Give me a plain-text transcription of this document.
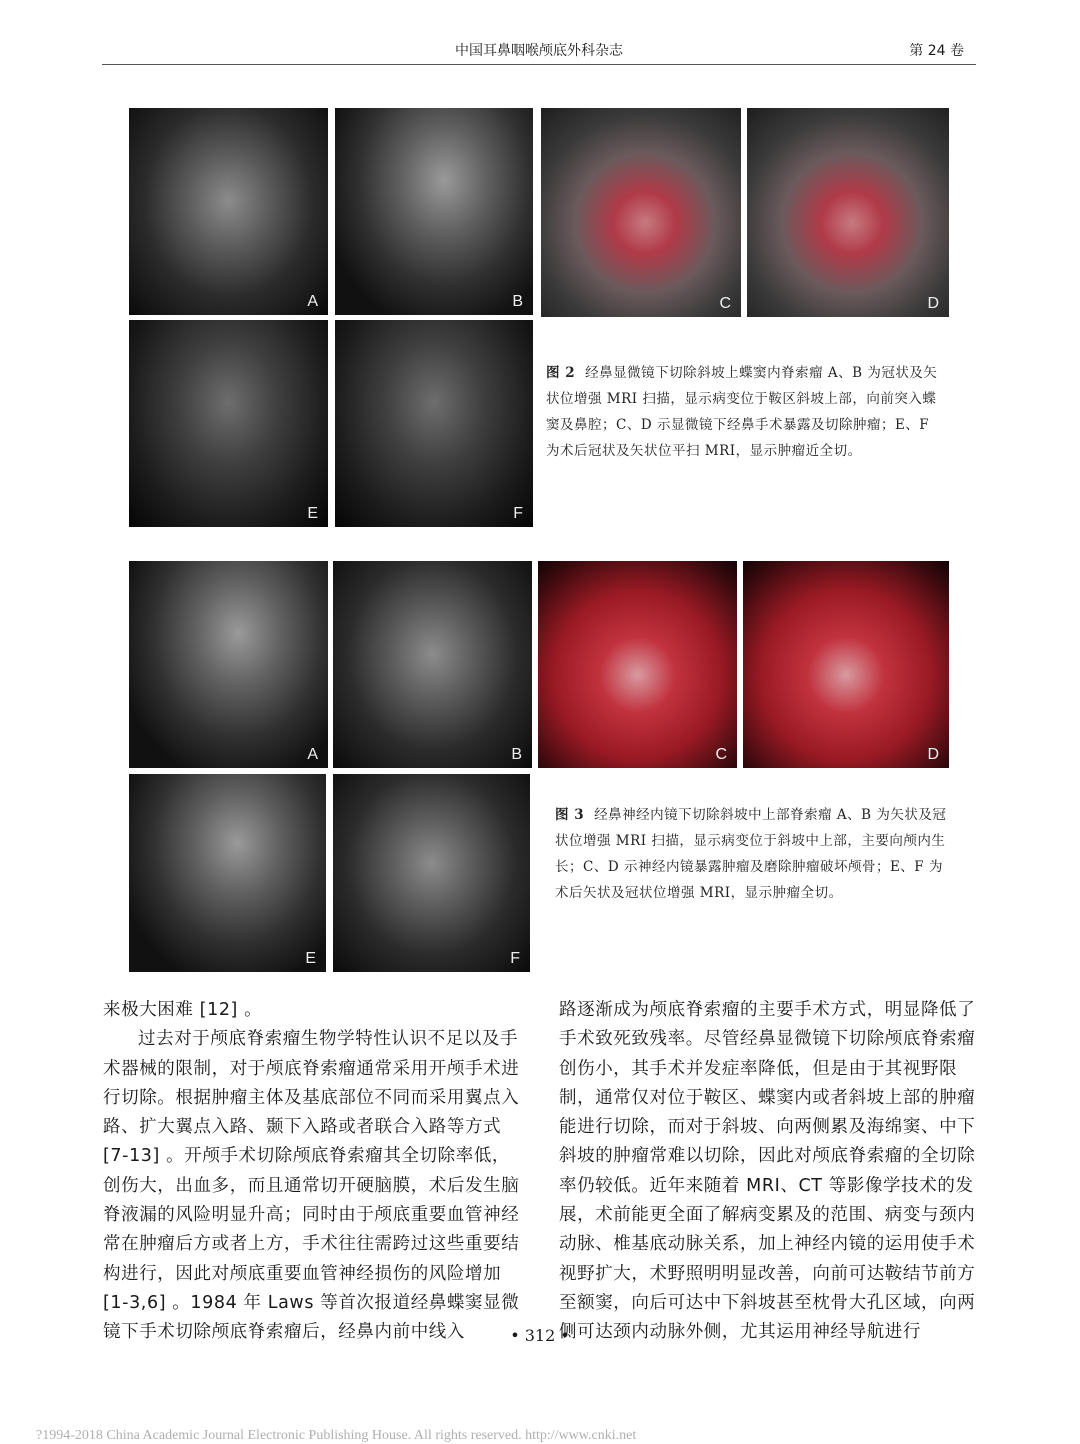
中国耳鼻咽喉颅底外科杂志	第 24 卷
A	B	C	D
E	F
图 2 经鼻显微镜下切除斜坡上蝶窦内脊索瘤 A、B 为冠状及矢状位增强 MRI 扫描，显示病变位于鞍区斜坡上部，向前突入蝶窦及鼻腔；C、D 示显微镜下经鼻手术暴露及切除肿瘤；E、F 为术后冠状及矢状位平扫 MRI，显示肿瘤近全切。
A	B	C	D
E	F
图 3 经鼻神经内镜下切除斜坡中上部脊索瘤 A、B 为矢状及冠状位增强 MRI 扫描，显示病变位于斜坡中上部，主要向颅内生长；C、D 示神经内镜暴露肿瘤及磨除肿瘤破坏颅骨；E、F 为术后矢状及冠状位增强 MRI，显示肿瘤全切。

来极大困难 [12] 。

过去对于颅底脊索瘤生物学特性认识不足以及手术器械的限制，对于颅底脊索瘤通常采用开颅手术进行切除。根据肿瘤主体及基底部位不同而采用翼点入路、扩大翼点入路、颞下入路或者联合入路等方式 [7-13] 。开颅手术切除颅底脊索瘤其全切除率低，创伤大，出血多，而且通常切开硬脑膜，术后发生脑脊液漏的风险明显升高；同时由于颅底重要血管神经常在肿瘤后方或者上方，手术往往需跨过这些重要结构进行，因此对颅底重要血管神经损伤的风险增加 [1-3,6] 。1984 年 Laws 等首次报道经鼻蝶窦显微镜下手术切除颅底脊索瘤后，经鼻内前中线入

路逐渐成为颅底脊索瘤的主要手术方式，明显降低了手术致死致残率。尽管经鼻显微镜下切除颅底脊索瘤创伤小，其手术并发症率降低，但是由于其视野限制，通常仅对位于鞍区、蝶窦内或者斜坡上部的肿瘤能进行切除，而对于斜坡、向两侧累及海绵窦、中下斜坡的肿瘤常难以切除，因此对颅底脊索瘤的全切除率仍较低。近年来随着 MRI、CT 等影像学技术的发展，术前能更全面了解病变累及的范围、病变与颈内动脉、椎基底动脉关系，加上神经内镜的运用使手术视野扩大，术野照明明显改善，向前可达鞍结节前方至额窦，向后可达中下斜坡甚至枕骨大孔区域，向两侧可达颈内动脉外侧，尤其运用神经导航进行

• 312 •
?1994-2018 China Academic Journal Electronic Publishing House. All rights reserved. http://www.cnki.net
